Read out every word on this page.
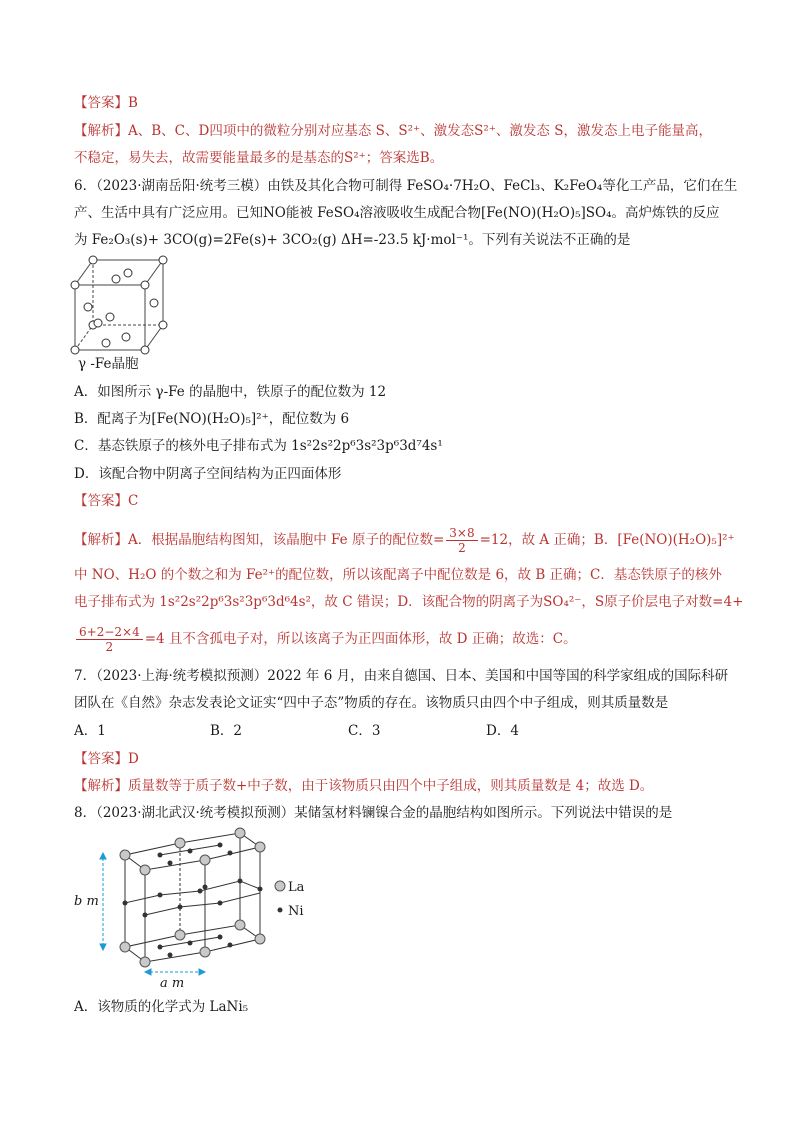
【答案】B
【解析】A、B、C、D四项中的微粒分别对应基态 S、S²⁺、激发态S²⁺、激发态 S，激发态上电子能量高，
不稳定，易失去，故需要能量最多的是基态的S²⁺；答案选B。
6．（2023·湖南岳阳·统考三模）由铁及其化合物可制得 FeSO₄·7H₂O、FeCl₃、K₂FeO₄等化工产品，它们在生
产、生活中具有广泛应用。已知NO能被 FeSO₄溶液吸收生成配合物[Fe(NO)(H₂O)₅]SO₄。高炉炼铁的反应
为 Fe₂O₃(s)+ 3CO(g)=2Fe(s)+ 3CO₂(g) ΔH=-23.5 kJ·mol⁻¹。下列有关说法不正确的是
γ -Fe晶胞
A．如图所示 γ-Fe 的晶胞中，铁原子的配位数为 12
B．配离子为[Fe(NO)(H₂O)₅]²⁺，配位数为 6
C．基态铁原子的核外电子排布式为 1s²2s²2p⁶3s²3p⁶3d⁷4s¹
D．该配合物中阴离子空间结构为正四面体形
【答案】C
【解析】A．根据晶胞结构图知，该晶胞中 Fe 原子的配位数= $\frac{3\times 8}{2} =12$，故 A 正确；B．[Fe(NO)(H₂O)₅]²⁺
中 NO、H₂O 的个数之和为 Fe²⁺的配位数，所以该配离子中配位数是 6，故 B 正确；C．基态铁原子的核外
电子排布式为 1s²2s²2p⁶3s²3p⁶3d⁶4s²，故 C 错误；D．该配合物的阴离子为SO₄²⁻，S原子价层电子对数=4+
$\frac{6+2-2\times 4}{2} =4$ 且不含孤电子对，所以该离子为正四面体形，故 D 正确；故选：C。
7．（2023·上海·统考模拟预测）2022 年 6 月，由来自德国、日本、美国和中国等国的科学家组成的国际科研
团队在《自然》杂志发表论文证实“四中子态”物质的存在。该物质只由四个中子组成，则其质量数是
A．1	B．2	C．3	D．4
【答案】D
【解析】质量数等于质子数+中子数，由于该物质只由四个中子组成，则其质量数是 4；故选 D。
8．（2023·湖北武汉·统考模拟预测）某储氢材料镧镍合金的晶胞结构如图所示。下列说法中错误的是
La
Ni
b m
a m
A．该物质的化学式为 LaNi₅
